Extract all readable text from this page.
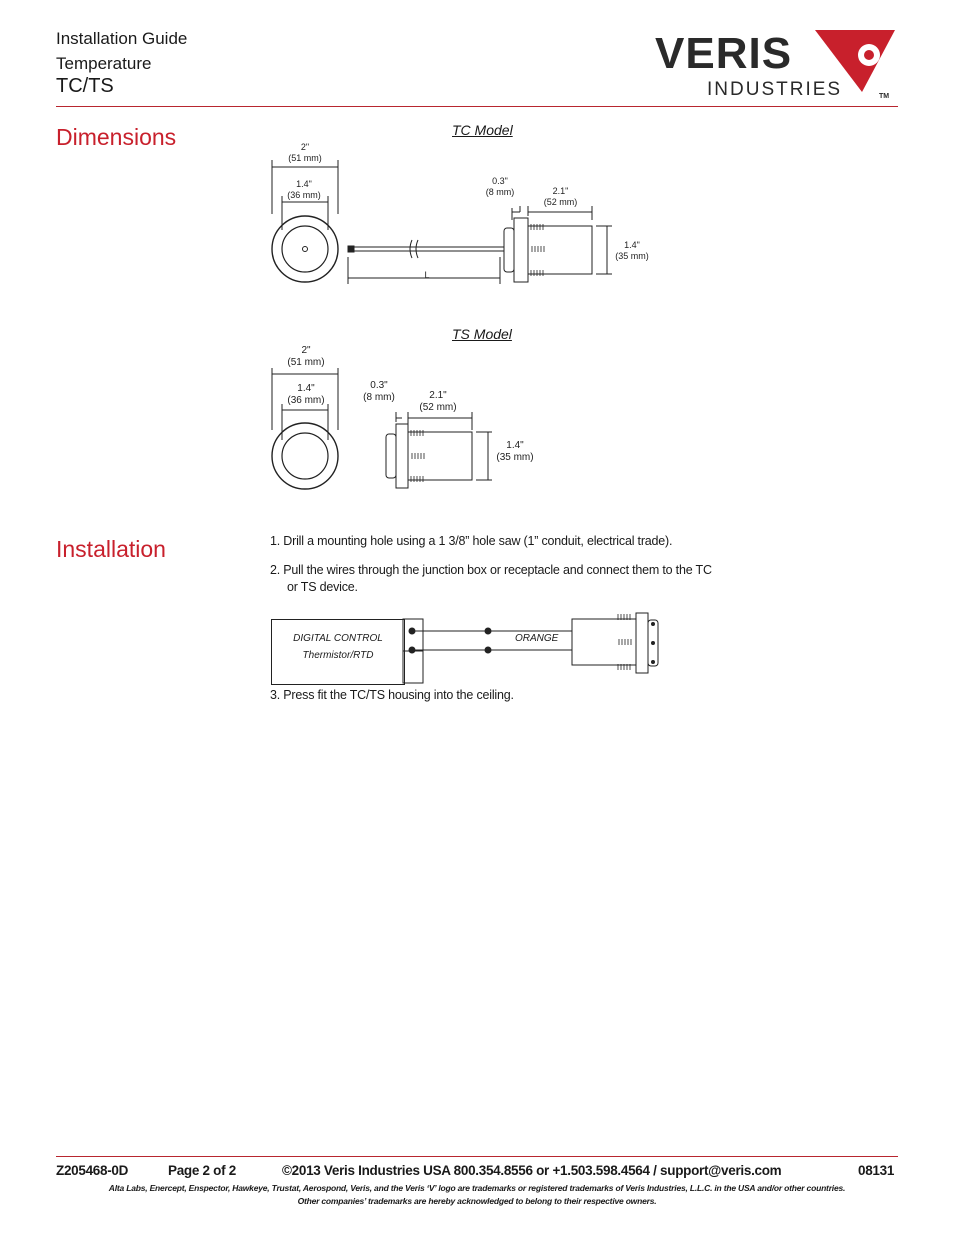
Installation Guide
Temperature
TC/TS
VERIS
INDUSTRIES	TM
Dimensions	TC Model
2"
(51 mm)
1.4"
(36 mm)
0.3"
(8 mm)	2.1"
(52 mm)
1.4"
(35 mm)
L
TS Model
2"
(51 mm)
1.4"
(36 mm)
0.3"
(8 mm)	2.1"
(52 mm)
1.4"
(35 mm)
Installation	1. Drill a mounting hole using a 1 3/8” hole saw (1” conduit, electrical trade).
2. Pull the wires through the junction box or receptacle and connect them to the TC
or TS device.
DIGITAL CONTROL
Thermistor/RTD
ORANGE
3. Press fit the TC/TS housing into the ceiling.
Z205468-0D	Page 2 of 2	©2013 Veris Industries USA 800.354.8556 or +1.503.598.4564 / support@veris.com	08131
Alta Labs, Enercept, Enspector, Hawkeye, Trustat, Aerospond, Veris, and the Veris ‘V’ logo are trademarks or registered trademarks of Veris Industries, L.L.C. in the USA and/or other countries.
Other companies’ trademarks are hereby acknowledged to belong to their respective owners.
